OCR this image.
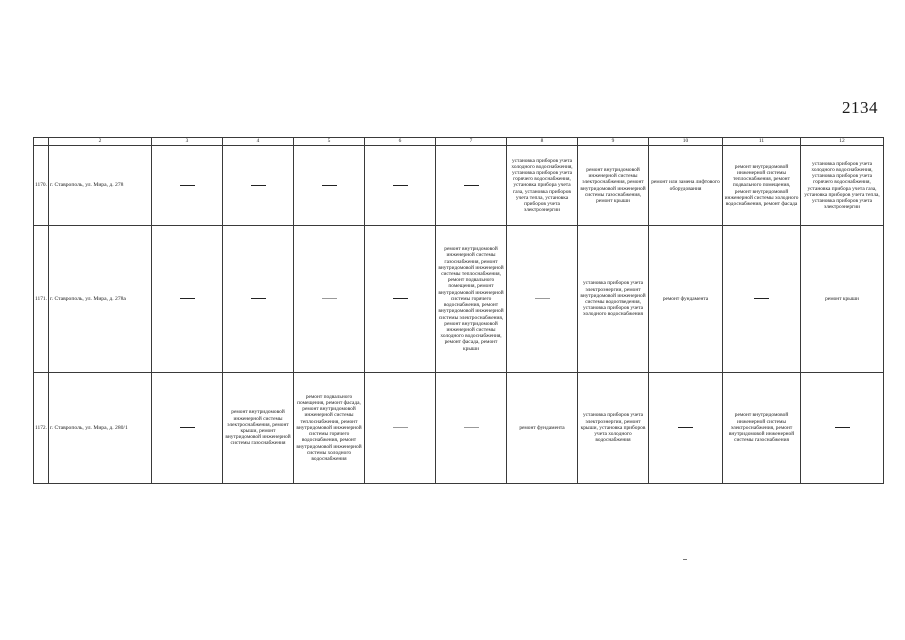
2134
	2	3	4	5	6	7	8	9	10	11	12
1170.	г. Ставрополь, ул. Мира, д. 278						установка приборов учета холодного водоснабжения, установка приборов учета горячего водоснабжения, установка прибора учета газа, установка приборов учета тепла, установка приборов учета электроэнергии	ремонт внутридомовой инженерной системы электроснабжения, ремонт внутридомовой инженерной системы газоснабжения, ремонт крыши	ремонт или замена лифтового оборудования	ремонт внутридомовой инженерной системы теплоснабжения, ремонт подвального помещения, ремонт внутридомовой инженерной системы холодного водоснабжения, ремонт фасада	установка приборов учета холодного водоснабжения, установка приборов учета горячего водоснабжения, установка прибора учета газа, установка приборов учета тепла, установка приборов учета электроэнергии
1171.	г. Ставрополь, ул. Мира, д. 278а					ремонт внутридомовой инженерной системы газоснабжения, ремонт внутридомовой инженерной системы теплоснабжения, ремонт подвального помещения, ремонт внутридомовой инженерной системы горячего водоснабжения, ремонт внутридомовой инженерной системы электроснабжения, ремонт внутридомовой инженерной системы холодного водоснабжения, ремонт фасада, ремонт крыши		установка приборов учета электроэнергии, ремонт внутридомовой инженерной системы водоотведения, установка приборов учета холодного водоснабжения	ремонт фундамента		ремонт крыши
1172.	г. Ставрополь, ул. Мира, д. 280/1		ремонт внутридомовой инженерной системы электроснабжения, ремонт крыши, ремонт внутридомовой инженерной системы газоснабжения	ремонт подвального помещения, ремонт фасада, ремонт внутридомовой инженерной системы теплоснабжения, ремонт внутридомовой инженерной системы горячего водоснабжения, ремонт внутридомовой инженерной системы холодного водоснабжения			ремонт фундамента	установка приборов учета электроэнергии, ремонт крыши, установка приборов учета холодного водоснабжения		ремонт внутридомовой инженерной системы электроснабжения, ремонт внутридомовой инженерной системы газоснабжения	
